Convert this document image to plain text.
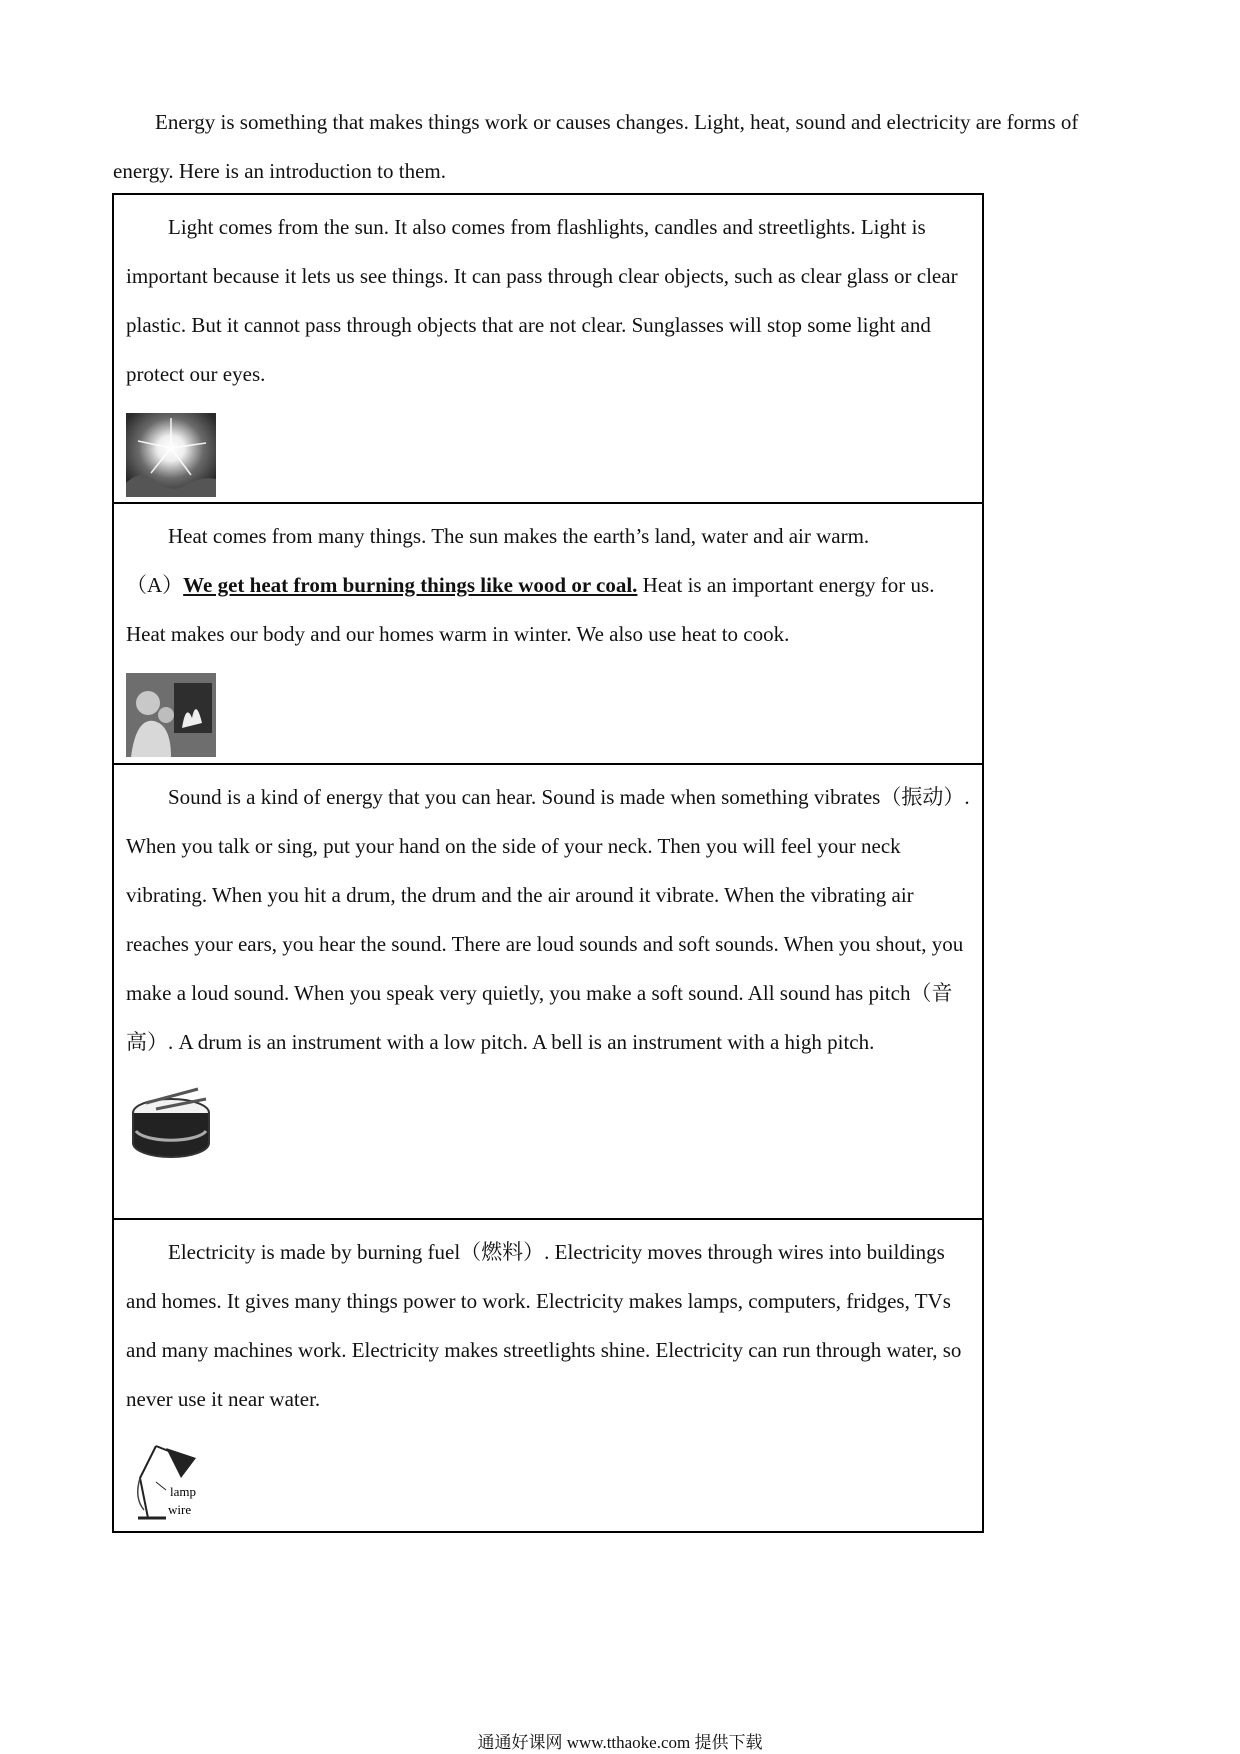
Energy is something that makes things work or causes changes. Light, heat, sound and electricity are forms of energy. Here is an introduction to them.

Light comes from the sun. It also comes from flashlights, candles and streetlights. Light is important because it lets us see things. It can pass through clear objects, such as clear glass or clear plastic. But it cannot pass through objects that are not clear. Sunglasses will stop some light and protect our eyes.

Heat comes from many things. The sun makes the earth’s land, water and air warm.
（A）We get heat from burning things like wood or coal. Heat is an important energy for us. Heat makes our body and our homes warm in winter. We also use heat to cook.

Sound is a kind of energy that you can hear. Sound is made when something vibrates（振动）. When you talk or sing, put your hand on the side of your neck. Then you will feel your neck vibrating. When you hit a drum, the drum and the air around it vibrate. When the vibrating air reaches your ears, you hear the sound. There are loud sounds and soft sounds. When you shout, you make a loud sound. When you speak very quietly, you make a soft sound. All sound has pitch（音高）. A drum is an instrument with a low pitch. A bell is an instrument with a high pitch.

Electricity is made by burning fuel（燃料）. Electricity moves through wires into buildings and homes. It gives many things power to work. Electricity makes lamps, computers, fridges, TVs and many machines work. Electricity makes streetlights shine. Electricity can run through water, so never use it near water.

lamp
wire
通通好课网 www.tthaoke.com 提供下载
